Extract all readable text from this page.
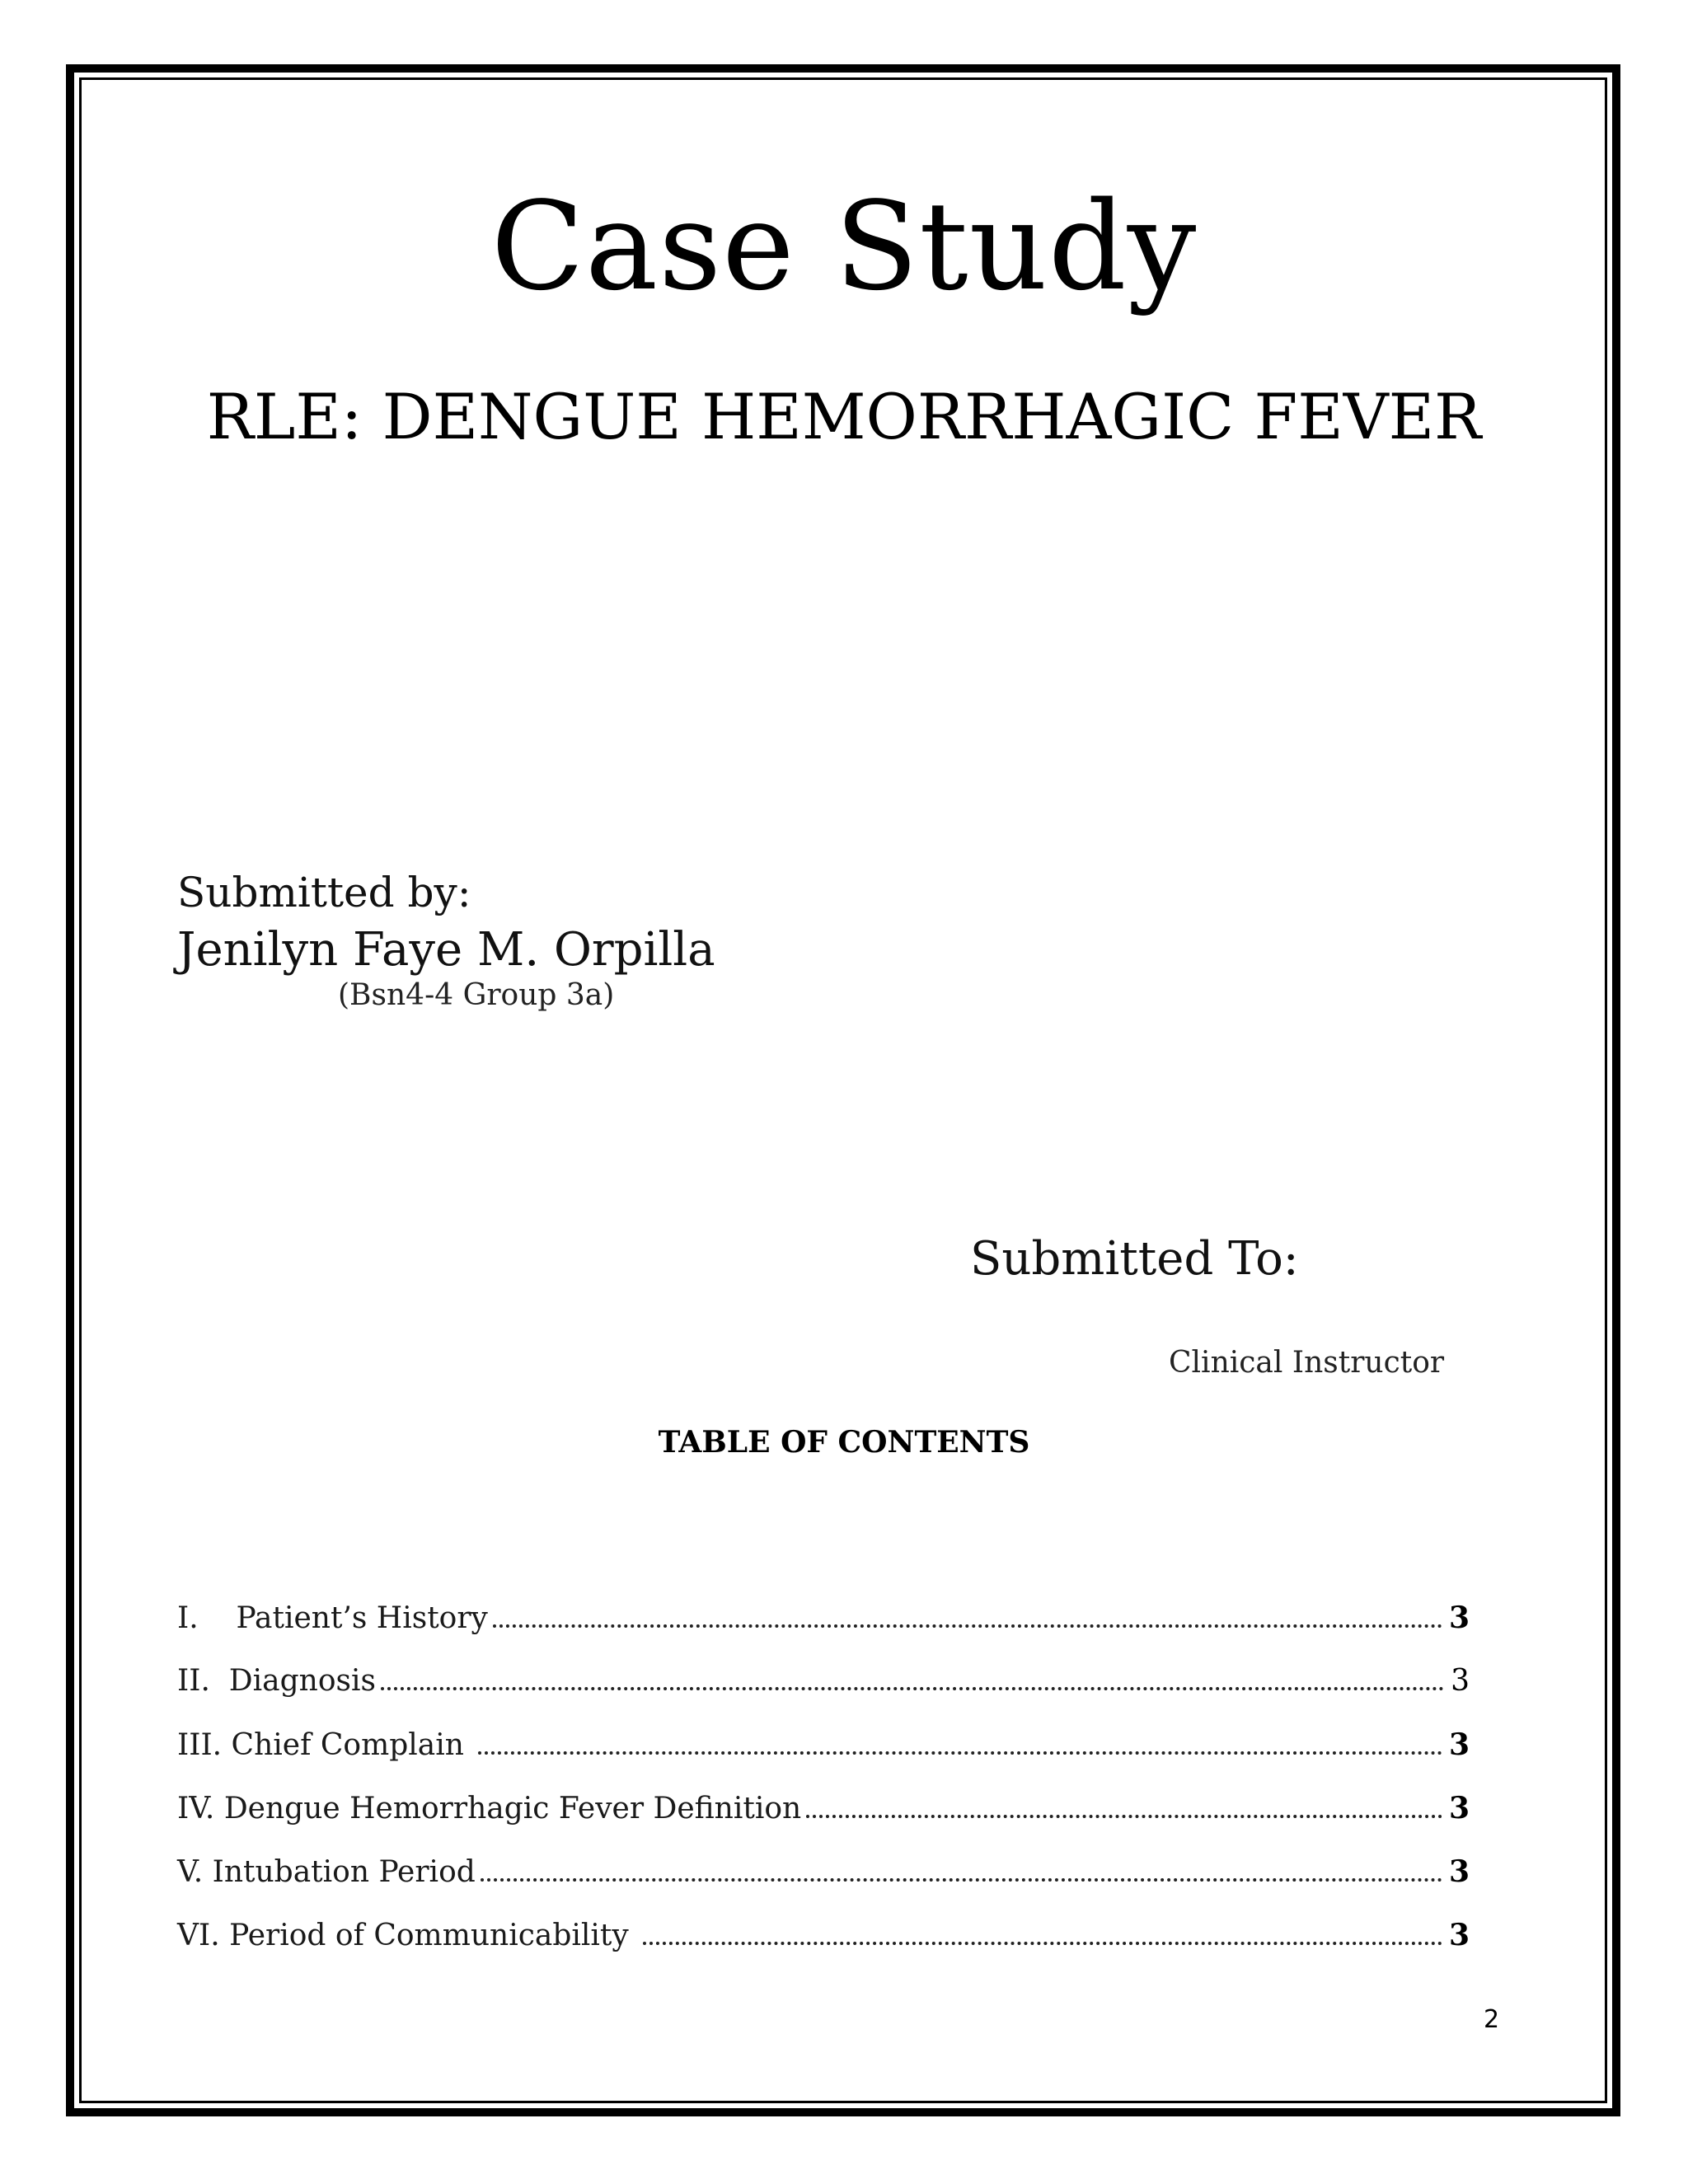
Case Study
RLE: DENGUE HEMORRHAGIC FEVER
Submitted by:
Jenilyn Faye M. Orpilla
(Bsn4-4 Group 3a)
Submitted To:
Clinical Instructor
TABLE OF CONTENTS
I.    Patient’s History	3
II.  Diagnosis	3
III. Chief Complain	3
IV. Dengue Hemorrhagic Fever Definition	3
V. Intubation Period	3
VI. Period of Communicability	3
2
